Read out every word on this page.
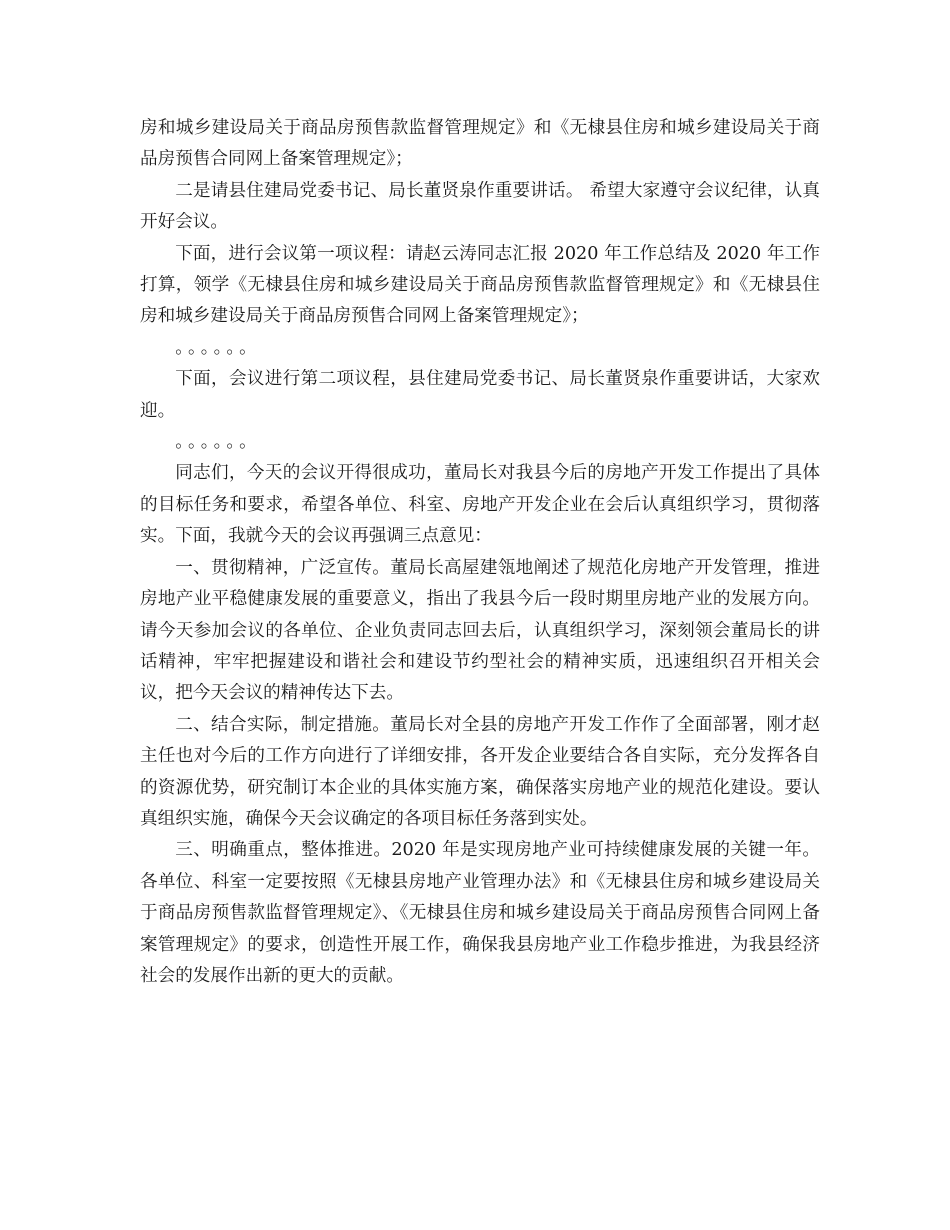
房和城乡建设局关于商品房预售款监督管理规定》和《无棣县住房和城乡建设局关于商品房预售合同网上备案管理规定》；

二是请县住建局党委书记、局长董贤泉作重要讲话。 希望大家遵守会议纪律，认真开好会议。

下面，进行会议第一项议程：请赵云涛同志汇报 2020 年工作总结及 2020 年工作打算，领学《无棣县住房和城乡建设局关于商品房预售款监督管理规定》和《无棣县住房和城乡建设局关于商品房预售合同网上备案管理规定》；

。。。。。。

下面，会议进行第二项议程，县住建局党委书记、局长董贤泉作重要讲话，大家欢迎。

。。。。。。

同志们，今天的会议开得很成功，董局长对我县今后的房地产开发工作提出了具体的目标任务和要求，希望各单位、科室、房地产开发企业在会后认真组织学习，贯彻落实。下面，我就今天的会议再强调三点意见：

一、贯彻精神，广泛宣传。董局长高屋建瓴地阐述了规范化房地产开发管理，推进房地产业平稳健康发展的重要意义，指出了我县今后一段时期里房地产业的发展方向。请今天参加会议的各单位、企业负责同志回去后，认真组织学习，深刻领会董局长的讲话精神，牢牢把握建设和谐社会和建设节约型社会的精神实质，迅速组织召开相关会议，把今天会议的精神传达下去。

二、结合实际，制定措施。董局长对全县的房地产开发工作作了全面部署，刚才赵主任也对今后的工作方向进行了详细安排，各开发企业要结合各自实际，充分发挥各自的资源优势，研究制订本企业的具体实施方案，确保落实房地产业的规范化建设。要认真组织实施，确保今天会议确定的各项目标任务落到实处。

三、明确重点，整体推进。2020 年是实现房地产业可持续健康发展的关键一年。各单位、科室一定要按照《无棣县房地产业管理办法》和《无棣县住房和城乡建设局关于商品房预售款监督管理规定》、《无棣县住房和城乡建设局关于商品房预售合同网上备案管理规定》的要求，创造性开展工作，确保我县房地产业工作稳步推进，为我县经济社会的发展作出新的更大的贡献。
